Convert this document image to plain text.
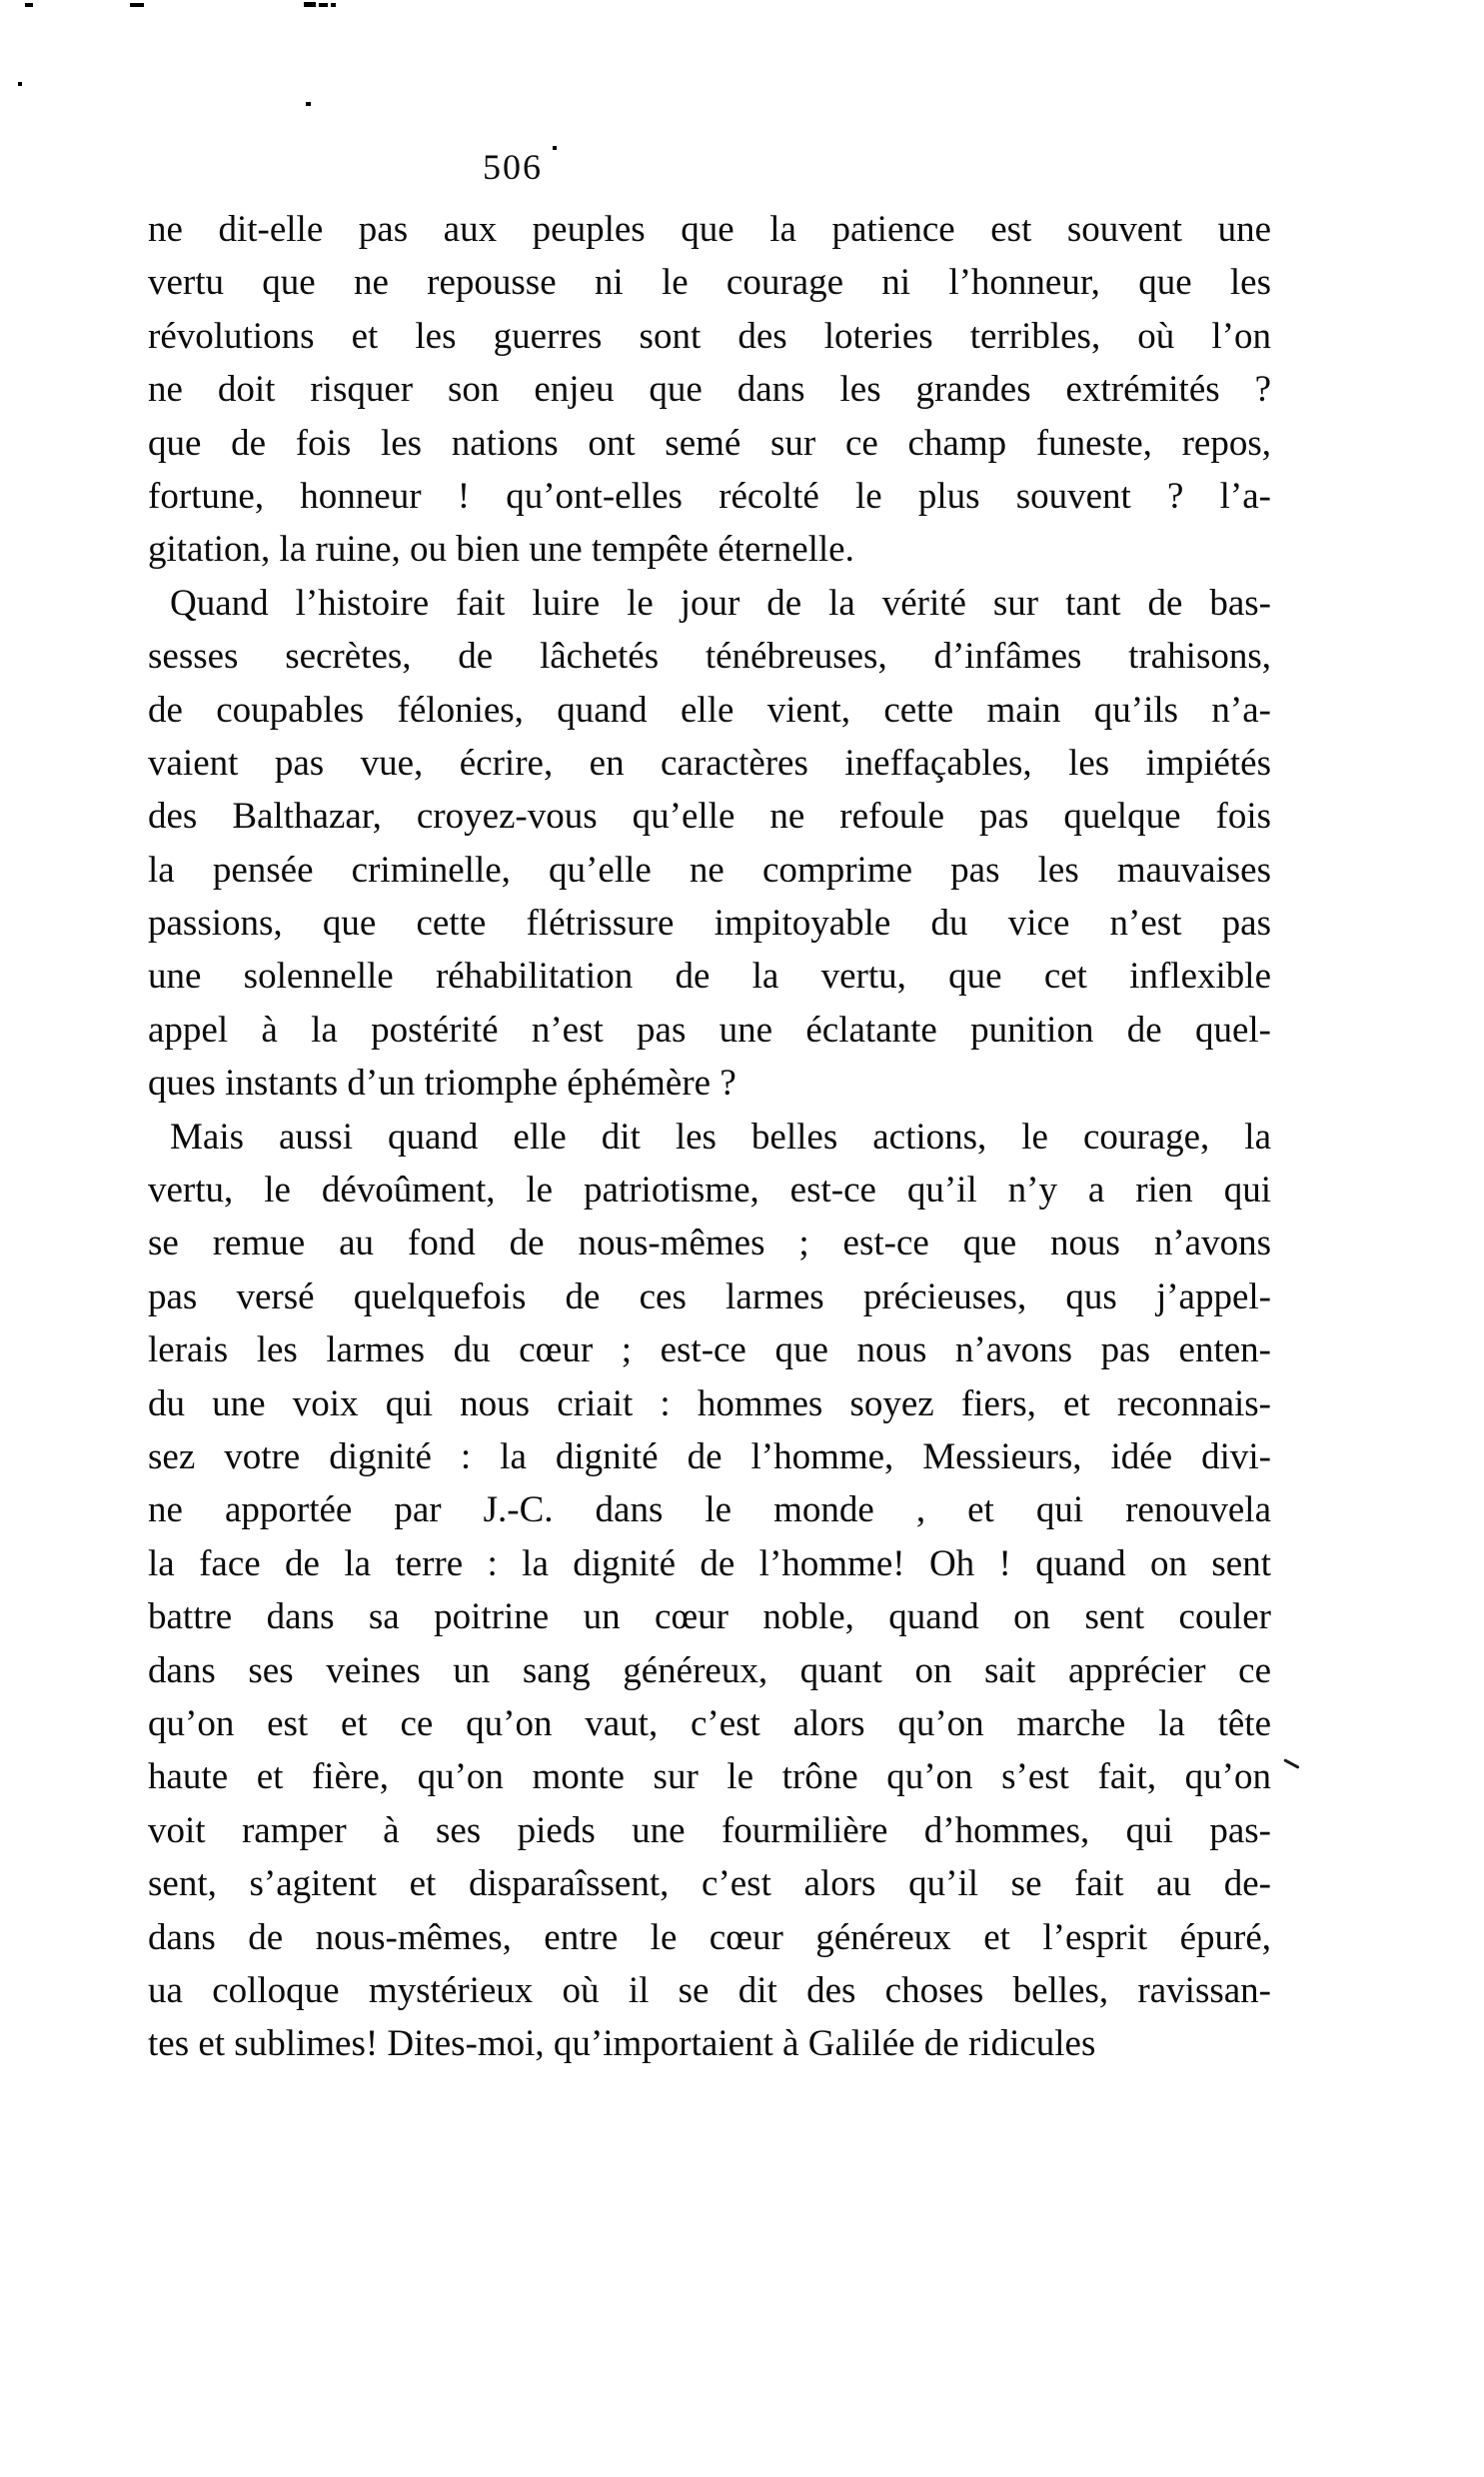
506
ne dit-elle pas aux peuples que la patience est souvent une
vertu que ne repousse ni le courage ni l’honneur, que les
révolutions et les guerres sont des loteries terribles, où l’on
ne doit risquer son enjeu que dans les grandes extrémités ?
que de fois les nations ont semé sur ce champ funeste, repos,
fortune, honneur ! qu’ont-elles récolté le plus souvent ? l’a-
gitation, la ruine, ou bien une tempête éternelle.
Quand l’histoire fait luire le jour de la vérité sur tant de bas-
sesses secrètes, de lâchetés ténébreuses, d’infâmes trahisons,
de coupables félonies, quand elle vient, cette main qu’ils n’a-
vaient pas vue, écrire, en caractères ineffaçables, les impiétés
des Balthazar, croyez-vous qu’elle ne refoule pas quelque fois
la pensée criminelle, qu’elle ne comprime pas les mauvaises
passions, que cette flétrissure impitoyable du vice n’est pas
une solennelle réhabilitation de la vertu, que cet inflexible
appel à la postérité n’est pas une éclatante punition de quel-
ques instants d’un triomphe éphémère ?
Mais aussi quand elle dit les belles actions, le courage, la
vertu, le dévoûment, le patriotisme, est-ce qu’il n’y a rien qui
se remue au fond de nous-mêmes ; est-ce que nous n’avons
pas versé quelquefois de ces larmes précieuses, qus j’appel-
lerais les larmes du cœur ; est-ce que nous n’avons pas enten-
du une voix qui nous criait : hommes soyez fiers, et reconnais-
sez votre dignité : la dignité de l’homme, Messieurs, idée divi-
ne apportée par J.-C. dans le monde , et qui renouvela
la face de la terre : la dignité de l’homme! Oh ! quand on sent
battre dans sa poitrine un cœur noble, quand on sent couler
dans ses veines un sang généreux, quant on sait apprécier ce
qu’on est et ce qu’on vaut, c’est alors qu’on marche la tête
haute et fière, qu’on monte sur le trône qu’on s’est fait, qu’on
voit ramper à ses pieds une fourmilière d’hommes, qui pas-
sent, s’agitent et disparaîssent, c’est alors qu’il se fait au de-
dans de nous-mêmes, entre le cœur généreux et l’esprit épuré,
ua colloque mystérieux où il se dit des choses belles, ravissan-
tes et sublimes! Dites-moi, qu’importaient à Galilée de ridicules
